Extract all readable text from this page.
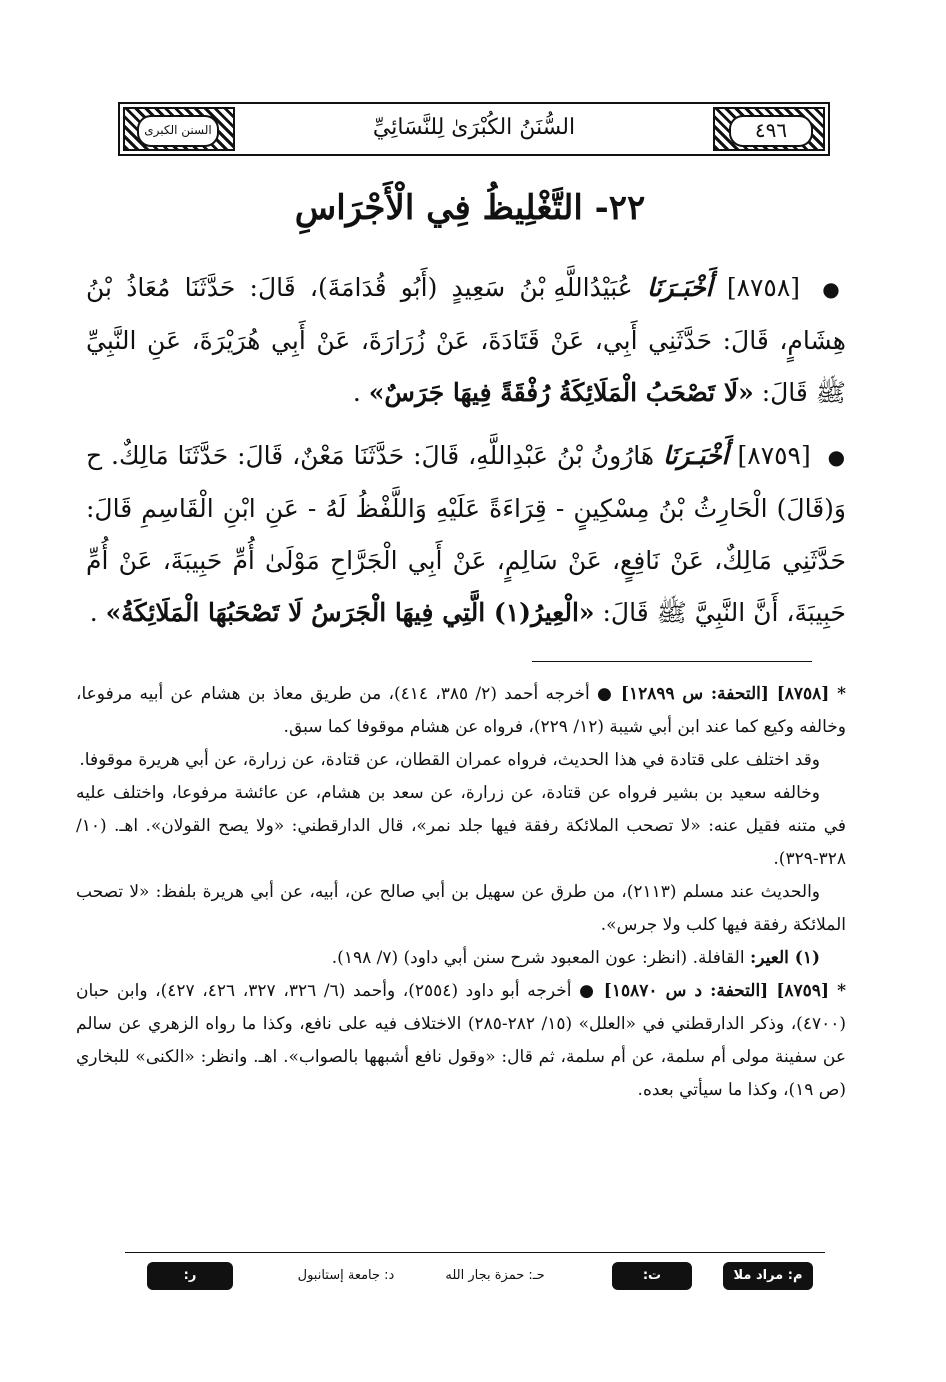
السنن الكبرى	السُّنَنُ الكُبْرَىٰ لِلنَّسَائِيِّ	٤٩٦
٢٢- التَّغْلِيظُ فِي الْأَجْرَاسِ

● [٨٧٥٨] أَخْبَـرَنَا عُبَيْدُاللَّهِ بْنُ سَعِيدٍ (أَبُو قُدَامَةَ)، قَالَ: حَدَّثَنَا مُعَاذُ بْنُ هِشَامٍ، قَالَ: حَدَّثَنِي أَبِي، عَنْ قَتَادَةَ، عَنْ زُرَارَةَ، عَنْ أَبِي هُرَيْرَةَ، عَنِ النَّبِيِّ ﷺ قَالَ: «لَا تَصْحَبُ الْمَلَائِكَةُ رُفْقَةً فِيهَا جَرَسٌ» .

● [٨٧٥٩] أَخْبَـرَنَا هَارُونُ بْنُ عَبْدِاللَّهِ، قَالَ: حَدَّثَنَا مَعْنٌ، قَالَ: حَدَّثَنَا مَالِكٌ. ح وَ(قَالَ) الْحَارِثُ بْنُ مِسْكِينٍ - قِرَاءَةً عَلَيْهِ وَاللَّفْظُ لَهُ - عَنِ ابْنِ الْقَاسِمِ قَالَ: حَدَّثَنِي مَالِكٌ، عَنْ نَافِعٍ، عَنْ سَالِمٍ، عَنْ أَبِي الْجَرَّاحِ مَوْلَىٰ أُمِّ حَبِيبَةَ، عَنْ أُمِّ حَبِيبَةَ، أَنَّ النَّبِيَّ ﷺ قَالَ: «الْعِيرُ(١) الَّتِي فِيهَا الْجَرَسُ لَا تَصْحَبُهَا الْمَلَائِكَةُ» .

* [٨٧٥٨] [التحفة: س ١٢٨٩٩] ● أخرجه أحمد (٢/ ٣٨٥، ٤١٤)، من طريق معاذ بن هشام عن أبيه مرفوعا، وخالفه وكيع كما عند ابن أبي شيبة (١٢/ ٢٢٩)، فرواه عن هشام موقوفا كما سبق.

وقد اختلف على قتادة في هذا الحديث، فرواه عمران القطان، عن قتادة، عن زرارة، عن أبي هريرة موقوفا.

وخالفه سعيد بن بشير فرواه عن قتادة، عن زرارة، عن سعد بن هشام، عن عائشة مرفوعا، واختلف عليه في متنه فقيل عنه: «لا تصحب الملائكة رفقة فيها جلد نمر»، قال الدارقطني: «ولا يصح القولان». اهـ. (١٠/ ٣٢٨-٣٢٩).

والحديث عند مسلم (٢١١٣)، من طرق عن سهيل بن أبي صالح عن، أبيه، عن أبي هريرة بلفظ: «لا تصحب الملائكة رفقة فيها كلب ولا جرس».

(١) العير: القافلة. (انظر: عون المعبود شرح سنن أبي داود) (٧/ ١٩٨).

* [٨٧٥٩] [التحفة: د س ١٥٨٧٠] ● أخرجه أبو داود (٢٥٥٤)، وأحمد (٦/ ٣٢٦، ٣٢٧، ٤٢٦، ٤٢٧)، وابن حبان (٤٧٠٠)، وذكر الدارقطني في «العلل» (١٥/ ٢٨٢-٢٨٥) الاختلاف فيه على نافع، وكذا ما رواه الزهري عن سالم عن سفينة مولى أم سلمة، عن أم سلمة، ثم قال: «وقول نافع أشبهها بالصواب». اهـ. وانظر: «الكنى» للبخاري (ص ١٩)، وكذا ما سيأتي بعده.

ر: الظاهرية
د: جامعة إستانبول	حـ: حمزة بجار الله	ت: تطوان
م: مراد ملا
